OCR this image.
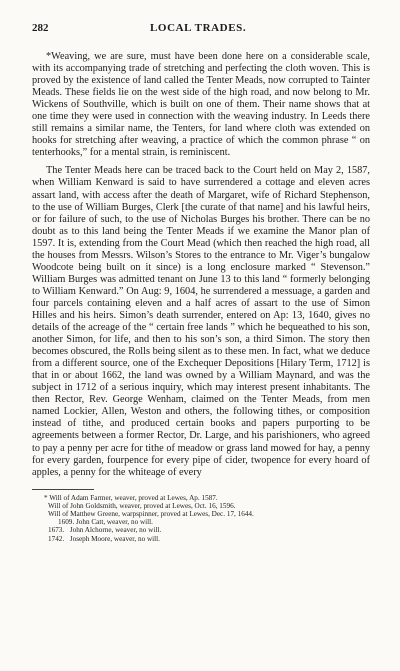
282	LOCAL TRADES.

*Weaving, we are sure, must have been done here on a considerable scale, with its accompanying trade of stretching and perfecting the cloth woven. This is proved by the existence of land called the Tenter Meads, now corrupted to Tainter Meads. These fields lie on the west side of the high road, and now belong to Mr. Wickens of Southville, which is built on one of them. Their name shows that at one time they were used in connection with the weaving industry. In Leeds there still remains a similar name, the Tenters, for land where cloth was extended on hooks for stretching after weaving, a practice of which the common phrase “ on tenterhooks,” for a mental strain, is reminiscent.

The Tenter Meads here can be traced back to the Court held on May 2, 1587, when William Kenward is said to have surrendered a cottage and eleven acres assart land, with access after the death of Margaret, wife of Richard Stephenson, to the use of William Burges, Clerk [the curate of that name] and his lawful heirs, or for failure of such, to the use of Nicholas Burges his brother. There can be no doubt as to this land being the Tenter Meads if we examine the Manor plan of 1597. It is, extending from the Court Mead (which then reached the high road, all the houses from Messrs. Wilson’s Stores to the entrance to Mr. Viger’s bungalow Woodcote being built on it since) is a long enclosure marked “ Stevenson.” William Burges was admitted tenant on June 13 to this land “ formerly belonging to William Kenward.” On Aug: 9, 1604, he surrendered a messuage, a garden and four parcels containing eleven and a half acres of assart to the use of Simon Hilles and his heirs. Simon’s death surrender, entered on Ap: 13, 1640, gives no details of the acreage of the “ certain free lands ” which he bequeathed to his son, another Simon, for life, and then to his son’s son, a third Simon. The story then becomes obscured, the Rolls being silent as to these men. In fact, what we deduce from a different source, one of the Exchequer Depositions [Hilary Term, 1712] is that in or about 1662, the land was owned by a William Maynard, and was the subject in 1712 of a serious inquiry, which may interest present inhabitants. The then Rector, Rev. George Wenham, claimed on the Tenter Meads, from men named Lockier, Allen, Weston and others, the following tithes, or composition instead of tithe, and produced certain books and papers purporting to be agreements between a former Rector, Dr. Large, and his parishioners, who agreed to pay a penny per acre for tithe of meadow or grass land mowed for hay, a penny for every garden, fourpence for every pipe of cider, twopence for every hoard of apples, a penny for the whiteage of every

* Will of Adam Farmer, weaver, proved at Lewes, Ap. 1587.
Will of John Goldsmith, weaver, proved at Lewes, Oct. 16, 1596.
Will of Matthew Greene, warpspinner, proved at Lewes, Dec. 17, 1644.
1609. John Catt, weaver, no will.
1673. John Alchorne, weaver, no will.
1742. Joseph Moore, weaver, no will.
